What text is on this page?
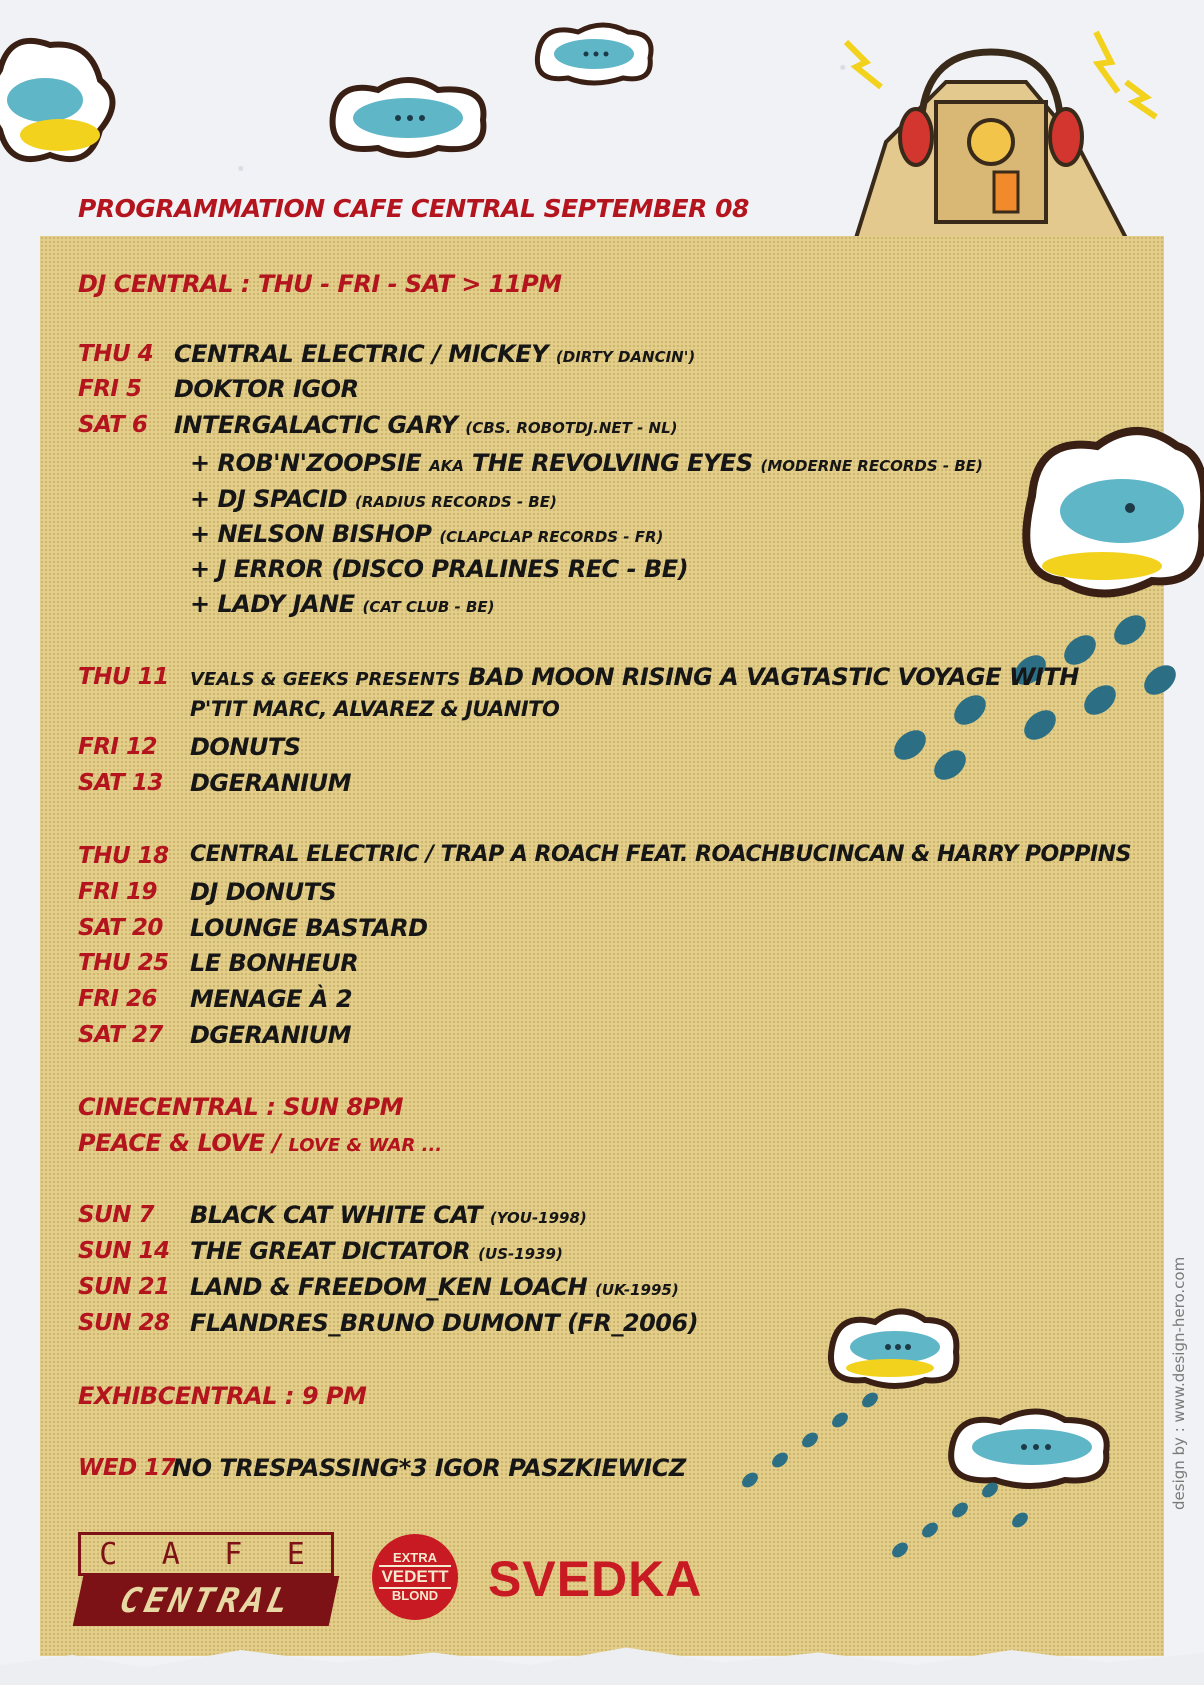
PROGRAMMATION CAFE CENTRAL SEPTEMBER 08

DJ CENTRAL : THU - FRI - SAT > 11PM

THU 4 CENTRAL ELECTRIC / MICKEY (DIRTY DANCIN')

FRI 5 DOKTOR IGOR

SAT 6 INTERGALACTIC GARY (CBS. ROBOTDJ.NET - NL)

+ ROB'N'ZOOPSIE AKA THE REVOLVING EYES (MODERNE RECORDS - BE)

+ DJ SPACID (RADIUS RECORDS - BE)

+ NELSON BISHOP (CLAPCLAP RECORDS - FR)

+ J ERROR (DISCO PRALINES REC - BE)

+ LADY JANE (CAT CLUB - BE)

THU 11 VEALS & GEEKS PRESENTS BAD MOON RISING A VAGTASTIC VOYAGE WITH

P'TIT MARC, ALVAREZ & JUANITO

FRI 12 DONUTS

SAT 13 DGERANIUM

THU 18 CENTRAL ELECTRIC / TRAP A ROACH FEAT. ROACHBUCINCAN & HARRY POPPINS

FRI 19 DJ DONUTS

SAT 20 LOUNGE BASTARD

THU 25 LE BONHEUR

FRI 26 MENAGE À 2

SAT 27 DGERANIUM

CINECENTRAL : SUN 8PM

PEACE & LOVE / LOVE & WAR ...

SUN 7 BLACK CAT WHITE CAT (YOU-1998)

SUN 14 THE GREAT DICTATOR (US-1939)

SUN 21 LAND & FREEDOM_KEN LOACH (UK-1995)

SUN 28 FLANDRES_BRUNO DUMONT (FR_2006)

EXHIBCENTRAL : 9 PM

WED 17

NO TRESPASSING*3 IGOR PASZKIEWICZ

C A F E
CENTRAL
EXTRA
VEDETT
BLOND SVEDKA
design by : www.design-hero.com
